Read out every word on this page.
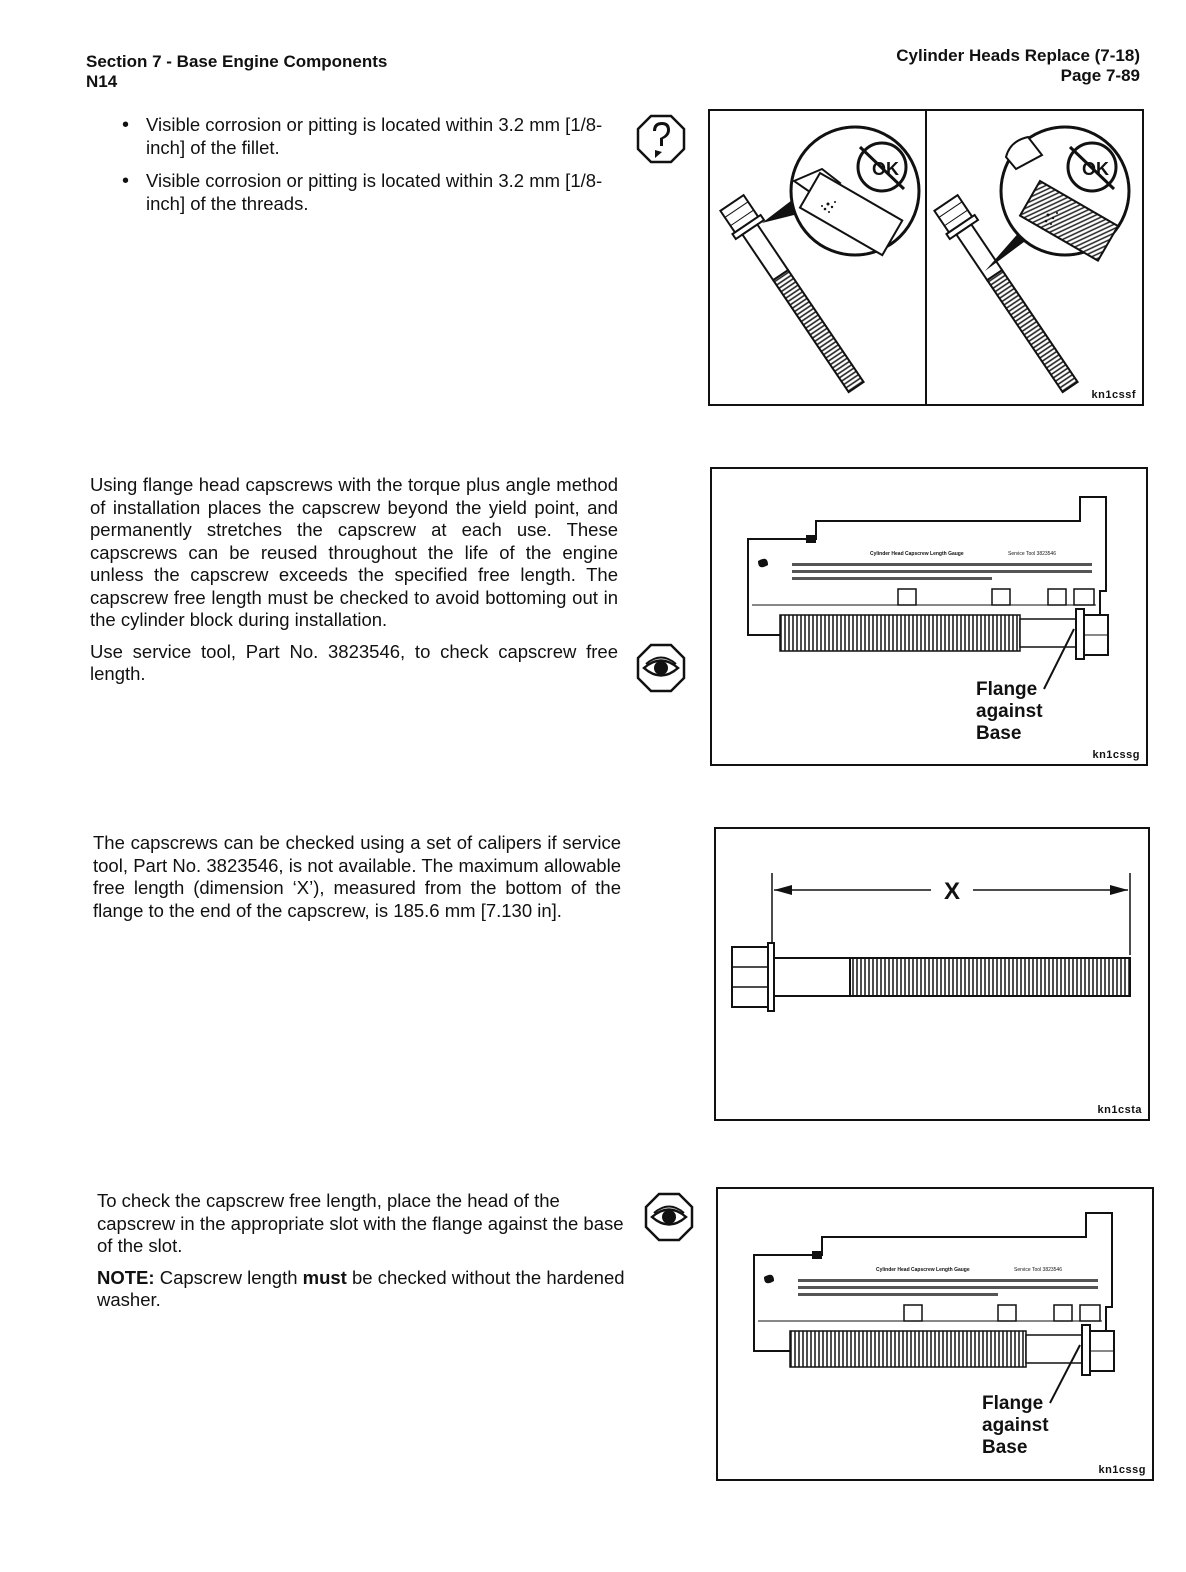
Section 7 - Base Engine Components
N14
Cylinder Heads Replace (7-18)
Page 7-89
• Visible corrosion or pitting is located within 3.2 mm [1/8-inch] of the fillet.
• Visible corrosion or pitting is located within 3.2 mm [1/8-inch] of the threads.
OK	OK
kn1cssf

Using flange head capscrews with the torque plus angle method of installation places the capscrew beyond the yield point, and permanently stretches the capscrew at each use. These capscrews can be reused throughout the life of the engine unless the capscrew exceeds the specified free length. The capscrew free length must be checked to avoid bottoming out in the cylinder block during installation.

Use service tool, Part No. 3823546, to check capscrew free length.

Cylinder Head Capscrew Length Gauge	Service Tool 3823546
Flange
against
Base
kn1cssg

The capscrews can be checked using a set of calipers if service tool, Part No. 3823546, is not available. The maximum allowable free length (dimension ‘X’), measured from the bottom of the flange to the end of the capscrew, is 185.6 mm [7.130 in].

X
kn1csta

To check the capscrew free length, place the head of the capscrew in the appropriate slot with the flange against the base of the slot.

NOTE: Capscrew length must be checked without the hardened washer.

Cylinder Head Capscrew Length Gauge	Service Tool 3823546
Flange
against
Base
kn1cssg
